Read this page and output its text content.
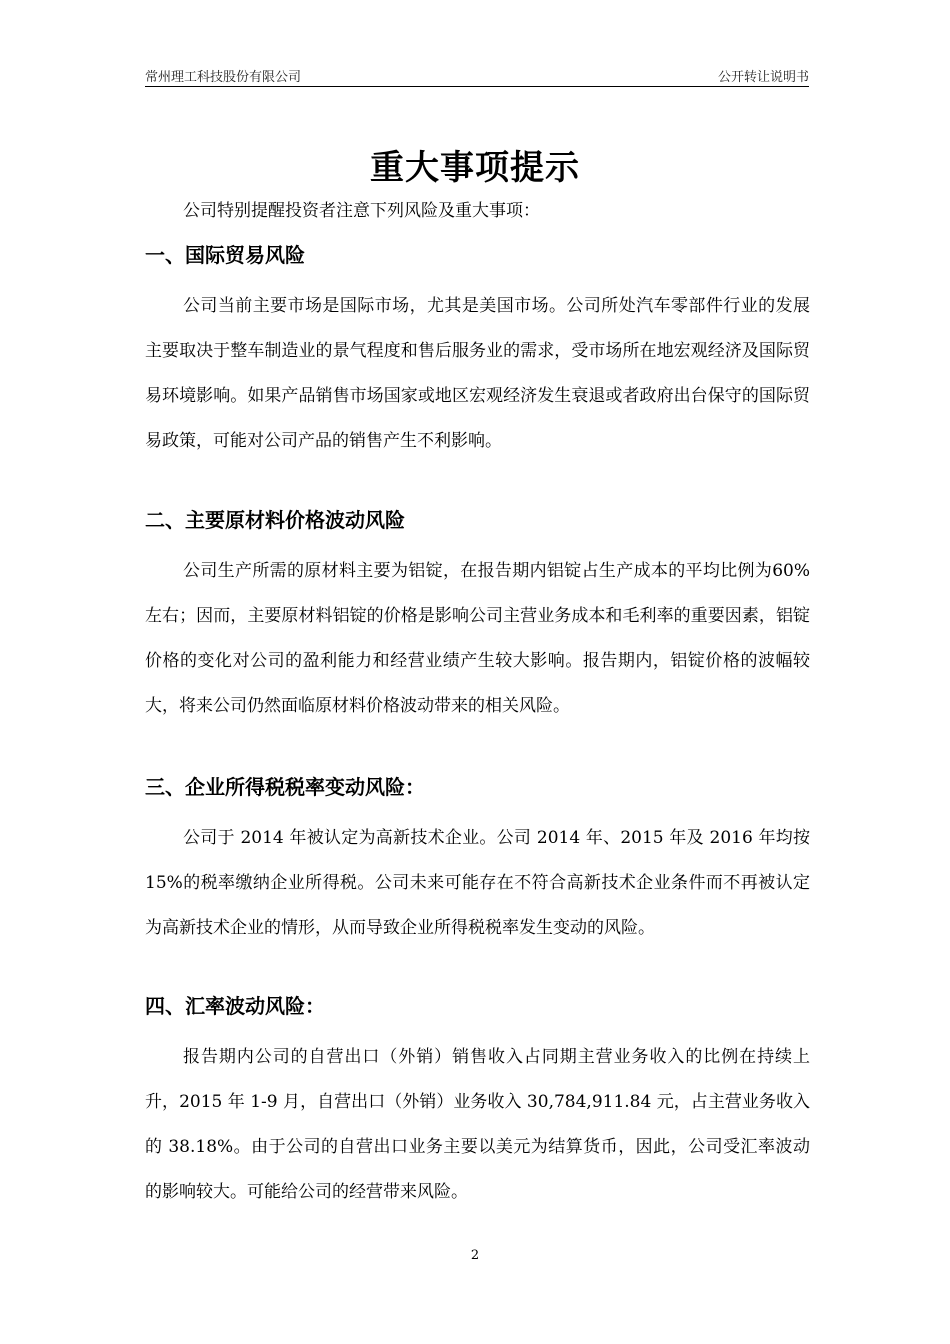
常州理工科技股份有限公司	公开转让说明书
重大事项提示
公司特别提醒投资者注意下列风险及重大事项：
一、国际贸易风险

公司当前主要市场是国际市场，尤其是美国市场。公司所处汽车零部件行业的发展主要取决于整车制造业的景气程度和售后服务业的需求，受市场所在地宏观经济及国际贸易环境影响。如果产品销售市场国家或地区宏观经济发生衰退或者政府出台保守的国际贸易政策，可能对公司产品的销售产生不利影响。

二、主要原材料价格波动风险

公司生产所需的原材料主要为铝锭，在报告期内铝锭占生产成本的平均比例为60%左右；因而，主要原材料铝锭的价格是影响公司主营业务成本和毛利率的重要因素，铝锭价格的变化对公司的盈利能力和经营业绩产生较大影响。报告期内，铝锭价格的波幅较大，将来公司仍然面临原材料价格波动带来的相关风险。

三、企业所得税税率变动风险：

公司于 2014 年被认定为高新技术企业。公司 2014 年、2015 年及 2016 年均按 15%的税率缴纳企业所得税。公司未来可能存在不符合高新技术企业条件而不再被认定为高新技术企业的情形，从而导致企业所得税税率发生变动的风险。

四、汇率波动风险：

报告期内公司的自营出口（外销）销售收入占同期主营业务收入的比例在持续上升，2015 年 1-9 月，自营出口（外销）业务收入 30,784,911.84 元，占主营业务收入的 38.18%。由于公司的自营出口业务主要以美元为结算货币，因此，公司受汇率波动的影响较大。可能给公司的经营带来风险。

2
